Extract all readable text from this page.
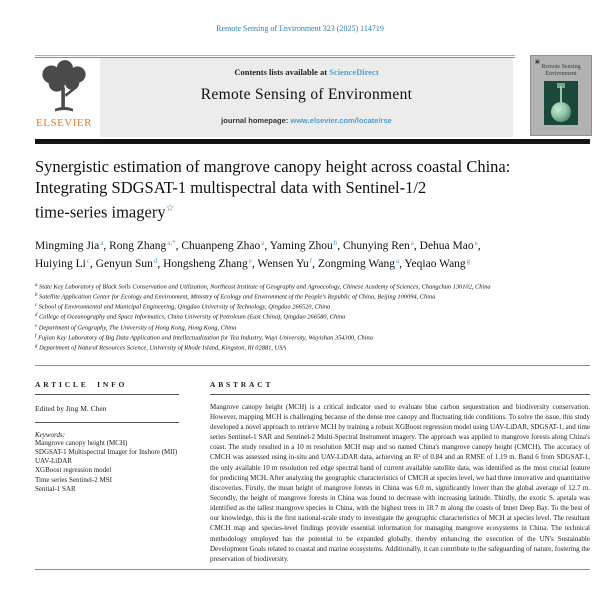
Remote Sensing of Environment 323 (2025) 114719
ELSEVIER
Contents lists available at ScienceDirect
Remote Sensing of Environment
journal homepage: www.elsevier.com/locate/rse
▣
Remote Sensing
Environment
Synergistic estimation of mangrove canopy height across coastal China:
Integrating SDGSAT-1 multispectral data with Sentinel-1/2
time-series imagery☆
Mingming Jia$^a$ , Rong Zhang$^{a,*}$ , Chuanpeng Zhao$^a$ , Yaming Zhou$^b$ , Chunying Ren$^a$ , Dehua Mao$^a$ , Huiying Li$^c$ , Genyun Sun$^d$ , Hongsheng Zhang$^e$ , Wensen Yu$^f$ , Zongming Wang$^a$ , Yeqiao Wang$^g$
$^a$ State Key Laboratory of Black Soils Conservation and Utilization, Northeast Institute of Geography and Agroecology, Chinese Academy of Sciences, Changchun 130102, China
$^b$ Satellite Application Center for Ecology and Environment, Ministry of Ecology and Environment of the People's Republic of China, Beijing 100094, China
$^c$ School of Environmental and Municipal Engineering, Qingdao University of Technology, Qingdao 266520, China
$^d$ College of Oceanography and Space Informatics, China University of Petroleum (East China), Qingdao 266580, China
$^e$ Department of Geography, The University of Hong Kong, Hong Kong, China
$^f$ Fujian Key Laboratory of Big Data Application and Intellectualization for Tea Industry, Wuyi University, Wuyishan 354300, China
$^g$ Department of Natural Resources Science, University of Rhode Island, Kingston, RI 02881, USA
ARTICLE INFO
Edited by Jing M. Chen
Keywords:
Mangrove canopy height (MCH)
SDGSAT-1 Multispectral Imager for Inshore (MII)
UAV-LiDAR
XGBoost regression model
Time series Sentinel-2 MSI
Sential-1 SAR
ABSTRACT

Mangrove canopy height (MCH) is a critical indicator used to evaluate blue carbon sequestration and biodiversity conservation. However, mapping MCH is challenging because of the dense tree canopy and fluctuating tide conditions. To solve the issue, this study developed a novel approach to retrieve MCH by training a robust XGBoost regression model using UAV-LiDAR, SDGSAT-1, and time series Sentinel-1 SAR and Sentinel-2 Multi-Spectral Instrument imagery. The approach was applied to mangrove forests along China's coast. The study resulted in a 10 m resolution MCH map and so named China's mangrove canopy height (CMCH). The accuracy of CMCH was assessed using in-situ and UAV-LiDAR data, achieving an R² of 0.84 and an RMSE of 1.19 m. Band 6 from SDGSAT-1, the only available 10 m resolution red edge spectral band of current available satellite data, was identified as the most crucial feature for predicting MCH. After analyzing the geographic characteristics of CMCH at species level, we had three innovative and quantitative discoveries. Firstly, the mean height of mangrove forests in China was 6.0 m, significantly lower than the global average of 12.7 m. Secondly, the height of mangrove forests in China was found to decrease with increasing latitude. Thirdly, the exotic S. apetala was identified as the tallest mangrove species in China, with the highest trees in 18.7 m along the coasts of Inner Deep Bay. To the best of our knowledge, this is the first national-scale study to investigate the geographic characteristics of MCH at species level. The resultant CMCH map and species-level findings provide essential information for managing mangrove ecosystems in China. The technical methodology employed has the potential to be expanded globally, thereby enhancing the execution of the UN's Sustainable Development Goals related to coastal and marine ecosystems. Additionally, it can contribute to the safeguarding of nature, fostering the preservation of biodiversity.
